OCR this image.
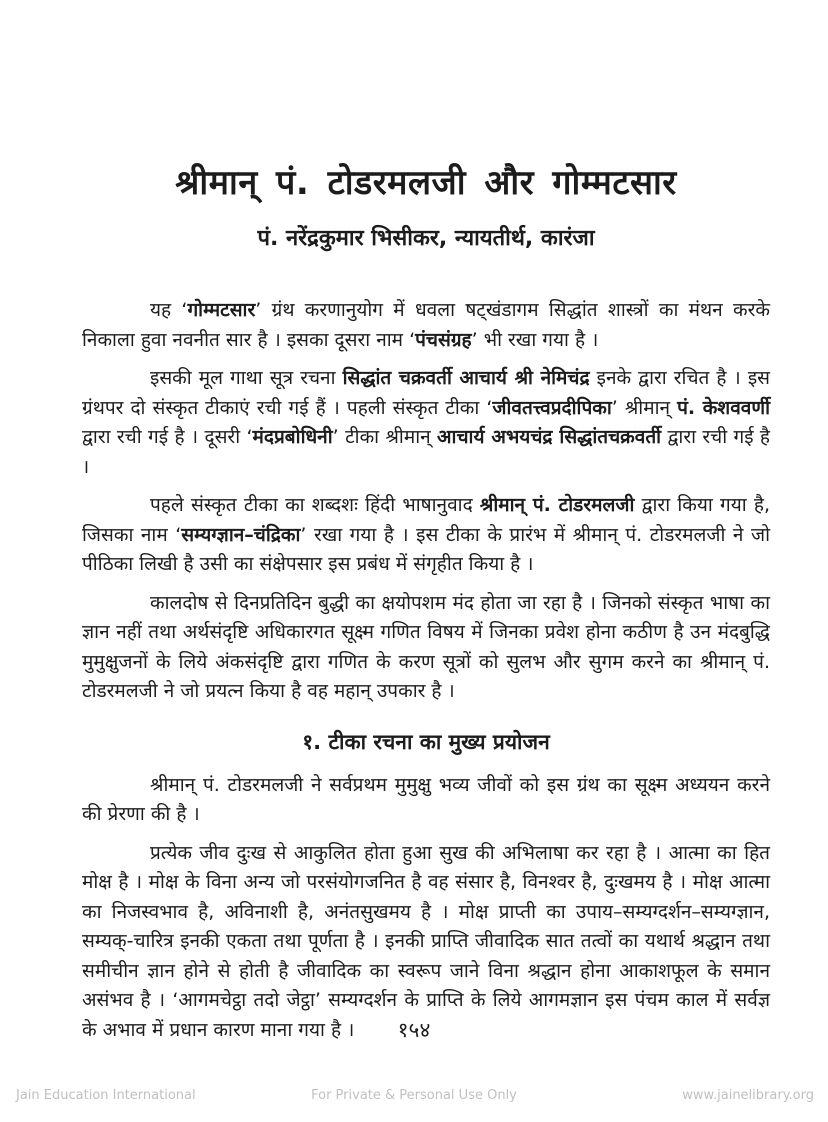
श्रीमान् पं. टोडरमलजी और गोम्मटसार
पं. नरेंद्रकुमार भिसीकर, न्यायतीर्थ, कारंजा

यह ‘गोम्मटसार’ ग्रंथ करणानुयोग में धवला षट्खंडागम सिद्धांत शास्त्रों का मंथन करके निकाला हुवा नवनीत सार है । इसका दूसरा नाम ‘पंचसंग्रह’ भी रखा गया है ।

इसकी मूल गाथा सूत्र रचना सिद्धांत चक्रवर्ती आचार्य श्री नेमिचंद्र इनके द्वारा रचित है । इस ग्रंथपर दो संस्कृत टीकाएं रची गई हैं । पहली संस्कृत टीका ‘जीवतत्त्वप्रदीपिका’ श्रीमान् पं. केशववर्णी द्वारा रची गई है । दूसरी ‘मंदप्रबोधिनी’ टीका श्रीमान् आचार्य अभयचंद्र सिद्धांतचक्रवर्ती द्वारा रची गई है ।

पहले संस्कृत टीका का शब्दशः हिंदी भाषानुवाद श्रीमान् पं. टोडरमलजी द्वारा किया गया है, जिसका नाम ‘सम्यग्ज्ञान–चंद्रिका’ रखा गया है । इस टीका के प्रारंभ में श्रीमान् पं. टोडरमलजी ने जो पीठिका लिखी है उसी का संक्षेपसार इस प्रबंध में संगृहीत किया है ।

कालदोष से दिनप्रतिदिन बुद्धी का क्षयोपशम मंद होता जा रहा है । जिनको संस्कृत भाषा का ज्ञान नहीं तथा अर्थसंदृष्टि अधिकारगत सूक्ष्म गणित विषय में जिनका प्रवेश होना कठीण है उन मंदबुद्धि मुमुक्षुजनों के लिये अंकसंदृष्टि द्वारा गणित के करण सूत्रों को सुलभ और सुगम करने का श्रीमान् पं. टोडरमलजी ने जो प्रयत्न किया है वह महान् उपकार है ।

१. टीका रचना का मुख्य प्रयोजन

श्रीमान् पं. टोडरमलजी ने सर्वप्रथम मुमुक्षु भव्य जीवों को इस ग्रंथ का सूक्ष्म अध्ययन करने की प्रेरणा की है ।

प्रत्येक जीव दुःख से आकुलित होता हुआ सुख की अभिलाषा कर रहा है । आत्मा का हित मोक्ष है । मोक्ष के विना अन्य जो परसंयोगजनित है वह संसार है, विनश्वर है, दुःखमय है । मोक्ष आत्मा का निजस्वभाव है, अविनाशी है, अनंतसुखमय है । मोक्ष प्राप्ती का उपाय–सम्यग्दर्शन–सम्यग्ज्ञान, सम्यक्-चारित्र इनकी एकता तथा पूर्णता है । इनकी प्राप्ति जीवादिक सात तत्वों का यथार्थ श्रद्धान तथा समीचीन ज्ञान होने से होती है जीवादिक का स्वरूप जाने विना श्रद्धान होना आकाशफूल के समान असंभव है । ‘आगमचेट्ठा तदो जेट्ठा’ सम्यग्दर्शन के प्राप्ति के लिये आगमज्ञान इस पंचम काल में सर्वज्ञ के अभाव में प्रधान कारण माना गया है ।	१५४
Jain Education International	For Private & Personal Use Only	www.jainelibrary.org
